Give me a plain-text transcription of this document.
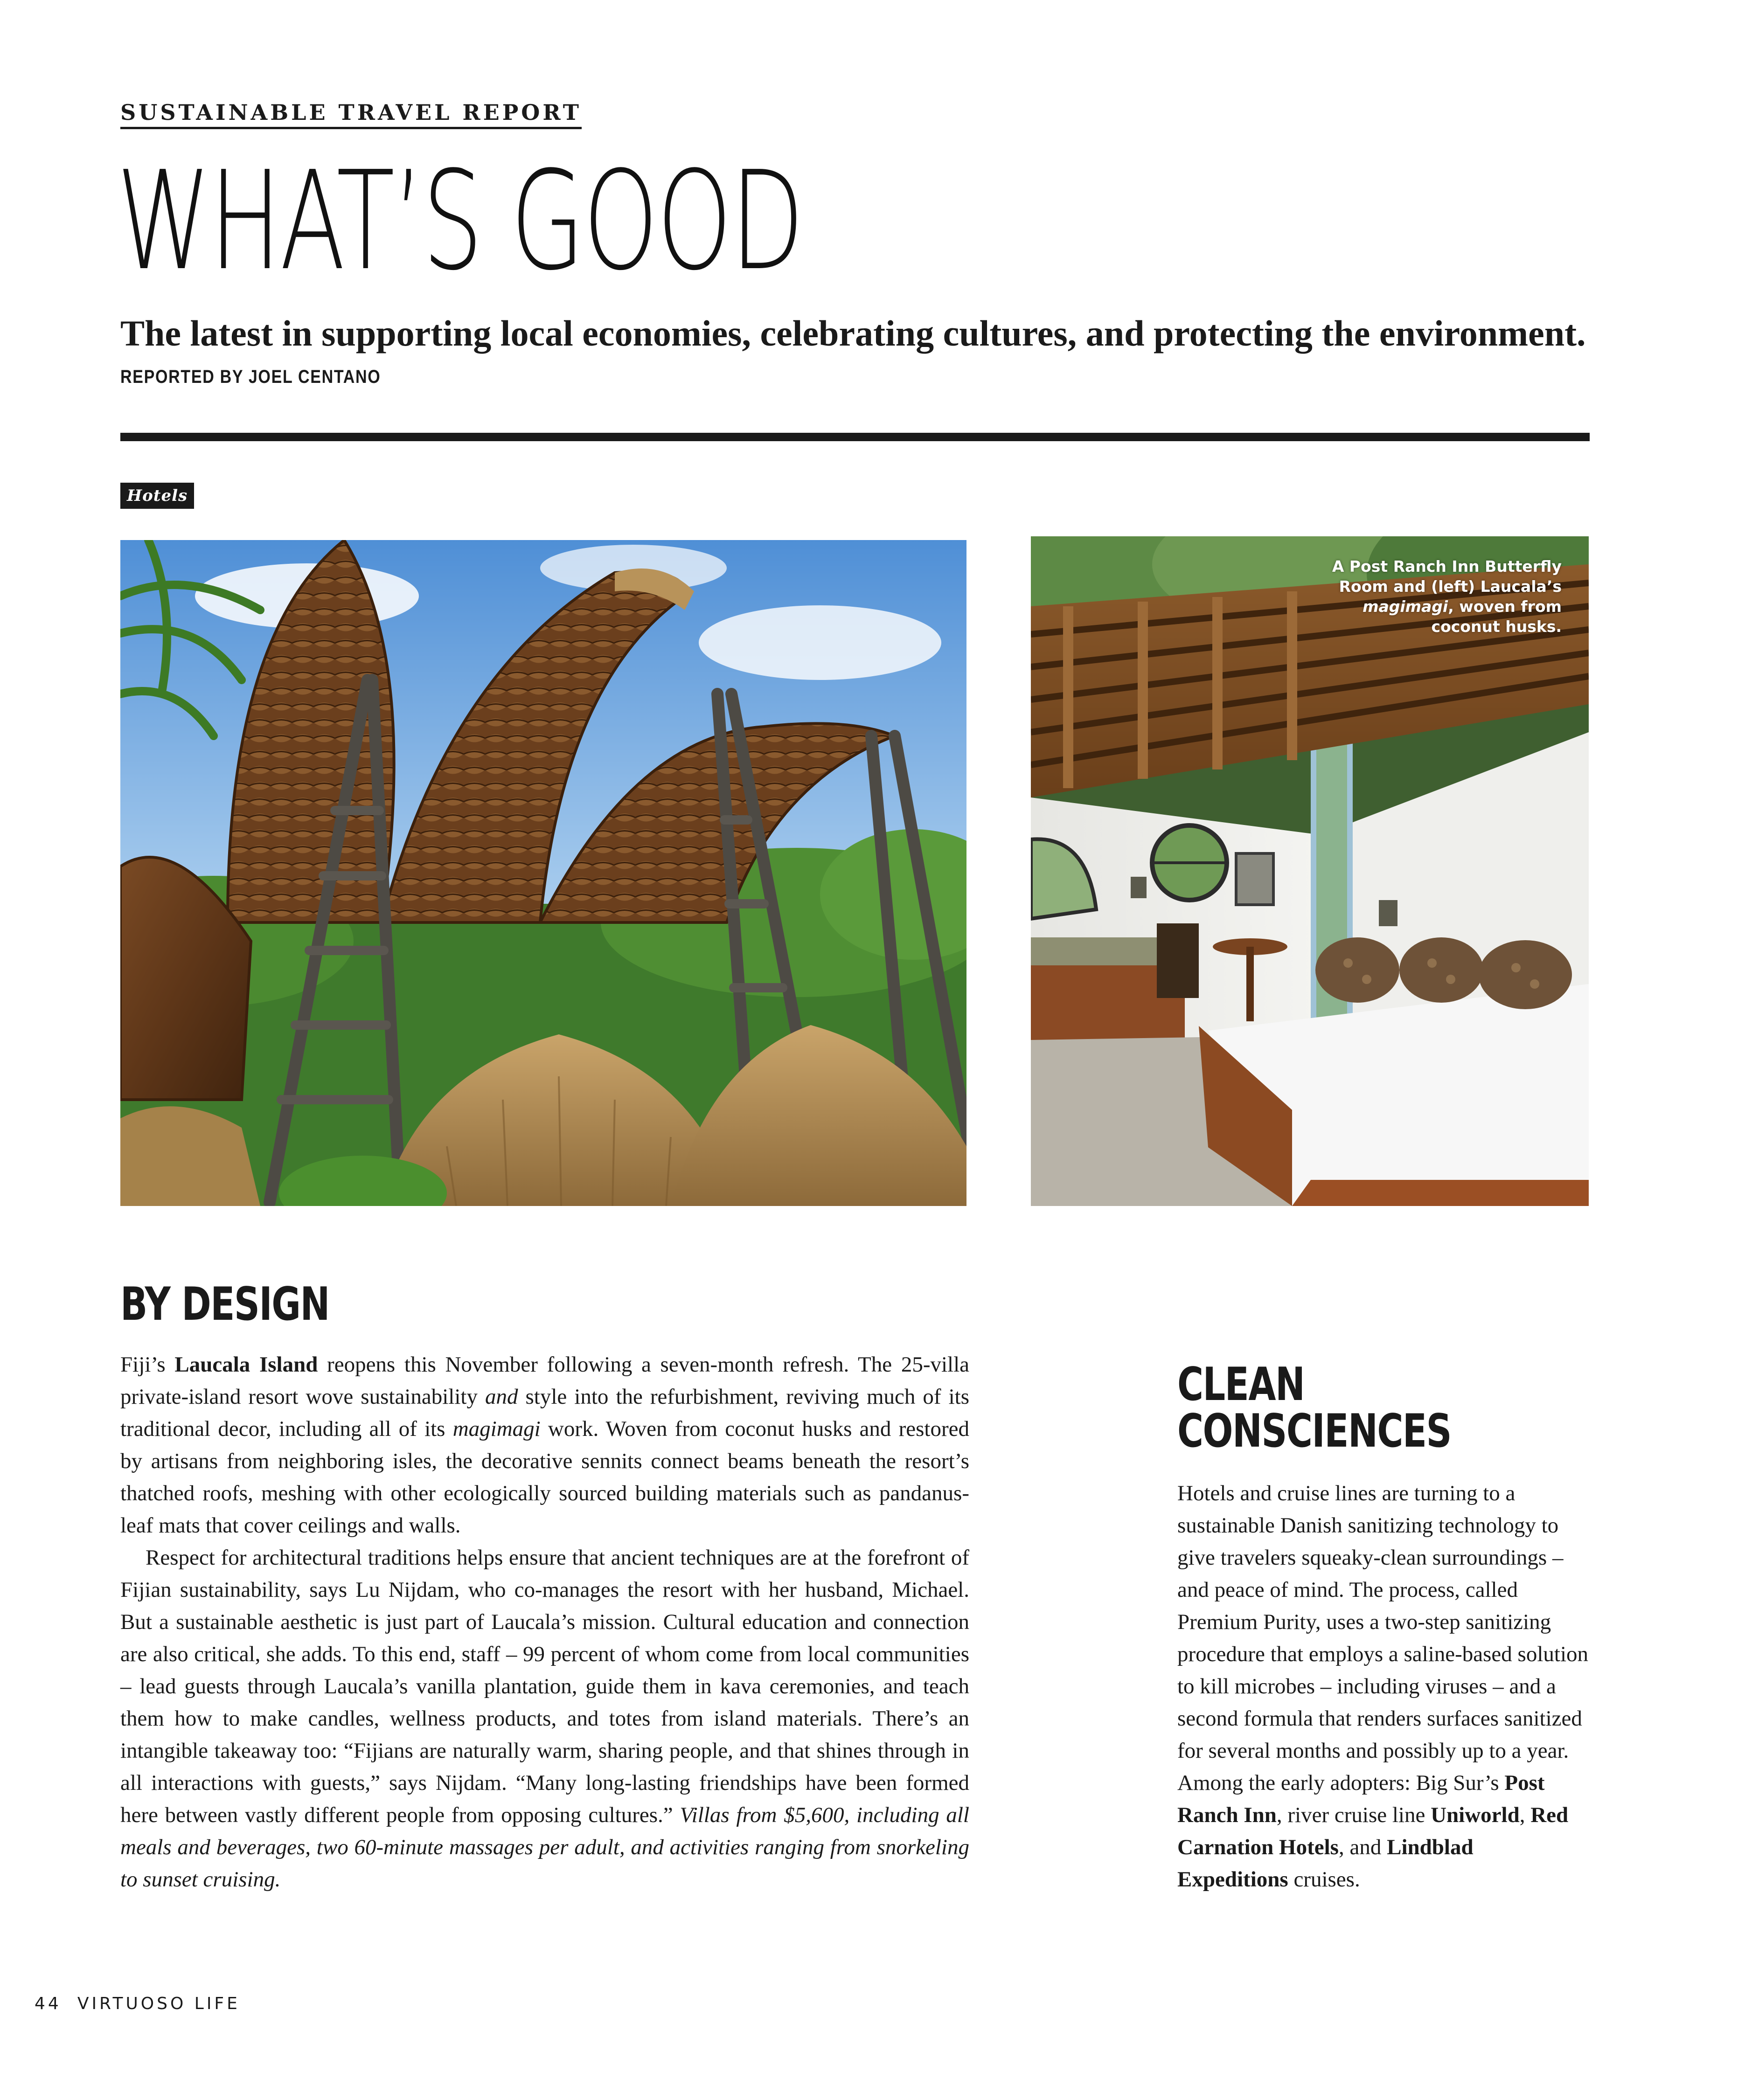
SUSTAINABLE TRAVEL REPORT
WHAT’S GOOD
The latest in supporting local economies, celebrating cultures, and protecting the environment.
REPORTED BY JOEL CENTANO
Hotels
A Post Ranch Inn Butterfly
Room and (left) Laucala’s
magimagi, woven from
coconut husks.
BY DESIGN

Fiji’s Laucala Island reopens this November following a seven-month refresh. The 25-villa private-island resort wove sustainability and style into the refurbishment, reviving much of its traditional decor, including all of its magimagi work. Woven from coconut husks and restored by artisans from neighboring isles, the decorative sennits connect beams beneath the resort’s thatched roofs, meshing with other ecologically sourced building materials such as pandanus-leaf mats that cover ceilings and walls.

Respect for architectural traditions helps ensure that ancient techniques are at the forefront of Fijian sustainability, says Lu Nijdam, who co-manages the resort with her husband, Michael. But a sustainable aesthetic is just part of Laucala’s mission. Cultural education and connection are also critical, she adds. To this end, staff – 99 percent of whom come from local communities – lead guests through Laucala’s vanilla plantation, guide them in kava ceremonies, and teach them how to make candles, wellness products, and totes from island materials. There’s an intangible takeaway too: “Fijians are naturally warm, sharing people, and that shines through in all interactions with guests,” says Nijdam. “Many long-lasting friendships have been formed here between vastly different people from opposing cultures.” Villas from $5,600, including all meals and beverages, two 60-minute massages per adult, and activities ranging from snorkeling to sunset cruising.

CLEAN
CONSCIENCES

Hotels and cruise lines are turning to a sustainable Danish sanitizing technology to give travelers squeaky-clean surroundings – and peace of mind. The process, called Premium Purity, uses a two-step sanitizing procedure that employs a saline-based solution to kill microbes – including viruses – and a second formula that renders surfaces sanitized for several months and possibly up to a year. Among the early adopters: Big Sur’s Post Ranch Inn, river cruise line Uniworld, Red Carnation Hotels, and Lindblad Expeditions cruises.

44 VIRTUOSO LIFE
